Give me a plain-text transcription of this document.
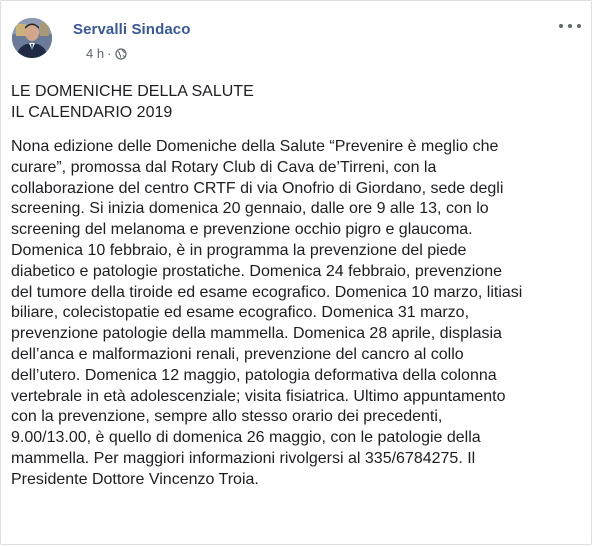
Servalli Sindaco
4 h ·
LE DOMENICHE DELLA SALUTE
IL CALENDARIO 2019
Nona edizione delle Domeniche della Salute “Prevenire è meglio che
curare”, promossa dal Rotary Club di Cava de’Tirreni, con la
collaborazione del centro CRTF di via Onofrio di Giordano, sede degli
screening. Si inizia domenica 20 gennaio, dalle ore 9 alle 13, con lo
screening del melanoma e prevenzione occhio pigro e glaucoma.
Domenica 10 febbraio, è in programma la prevenzione del piede
diabetico e patologie prostatiche. Domenica 24 febbraio, prevenzione
del tumore della tiroide ed esame ecografico. Domenica 10 marzo, litiasi
biliare, colecistopatie ed esame ecografico. Domenica 31 marzo,
prevenzione patologie della mammella. Domenica 28 aprile, displasia
dell’anca e malformazioni renali, prevenzione del cancro al collo
dell’utero. Domenica 12 maggio, patologia deformativa della colonna
vertebrale in età adolescenziale; visita fisiatrica. Ultimo appuntamento
con la prevenzione, sempre allo stesso orario dei precedenti,
9.00/13.00, è quello di domenica 26 maggio, con le patologie della
mammella. Per maggiori informazioni rivolgersi al 335/6784275. Il
Presidente Dottore Vincenzo Troia.
